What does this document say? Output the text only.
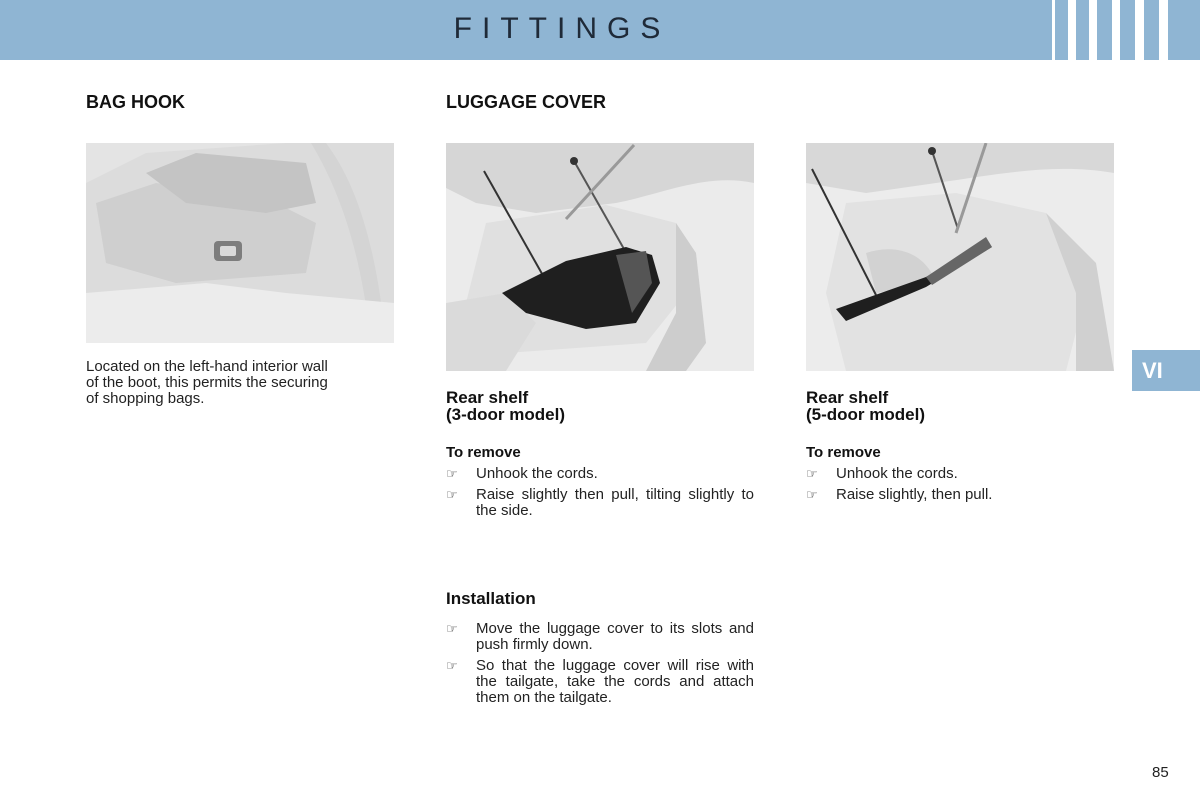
FITTINGS
BAG HOOK
Located on the left-hand interior wall
of the boot, this permits the securing
of shopping bags.
LUGGAGE COVER
Rear shelf
(3-door model)
To remove
☞ Unhook the cords.
☞ Raise slightly then pull, tilting slightly to the side.
Installation
☞ Move the luggage cover to its slots and push firmly down.
☞ So that the luggage cover will rise with the tailgate, take the cords and attach them on the tailgate.
Rear shelf
(5-door model)
To remove
☞ Unhook the cords.
☞ Raise slightly, then pull.
VI
85
